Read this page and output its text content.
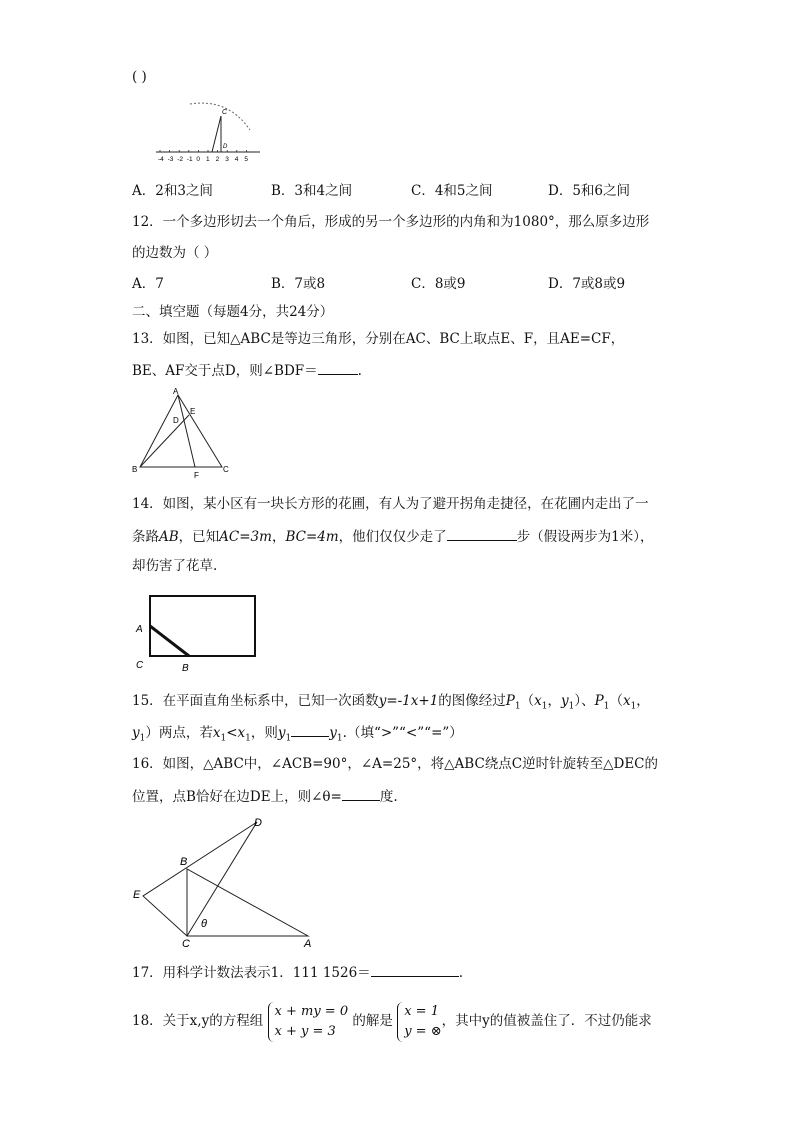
( )
C
D
-4 -3 -2 -1 0 1 2 3 4 5
A．2和3之间	B．3和4之间	C．4和5之间	D．5和6之间
12．一个多边形切去一个角后，形成的另一个多边形的内角和为1080°，那么原多边形
的边数为（ ）
A．7	B．7或8	C．8或9	D．7或8或9
二、填空题（每题4分，共24分）
13．如图，已知△ABC是等边三角形，分别在AC、BC上取点E、F，且AE=CF，
BE、AF交于点D，则∠BDF＝	.
A
B	C
D
E
F
14．如图，某小区有一块长方形的花圃，有人为了避开拐角走捷径，在花圃内走出了一
条路AB，已知AC=3m，BC=4m，他们仅仅少走了	步（假设两步为1米），
却伤害了花草.
A
C	B
15．在平面直角坐标系中，已知一次函数y=-1x+1的图像经过$P_1(x_1$，$y_1$）、$P_1(x_1$，
$y_1$）两点，若$x_1<x_1$，则$y_1$	$y_1$.（填“>”“<”“=”）
16．如图，△ABC中，∠ACB=90°，∠A=25°，将△ABC绕点C逆时针旋转至△DEC的
位置，点B恰好在边DE上，则∠θ=	度.
D
B
E
C	A
θ
17．用科学计数法表示1．111 1526＝	.
18．关于x,y的方程组
x + my = 0
x + y = 3
的解是
x = 1
y = ⊗
，其中y的值被盖住了．不过仍能求
